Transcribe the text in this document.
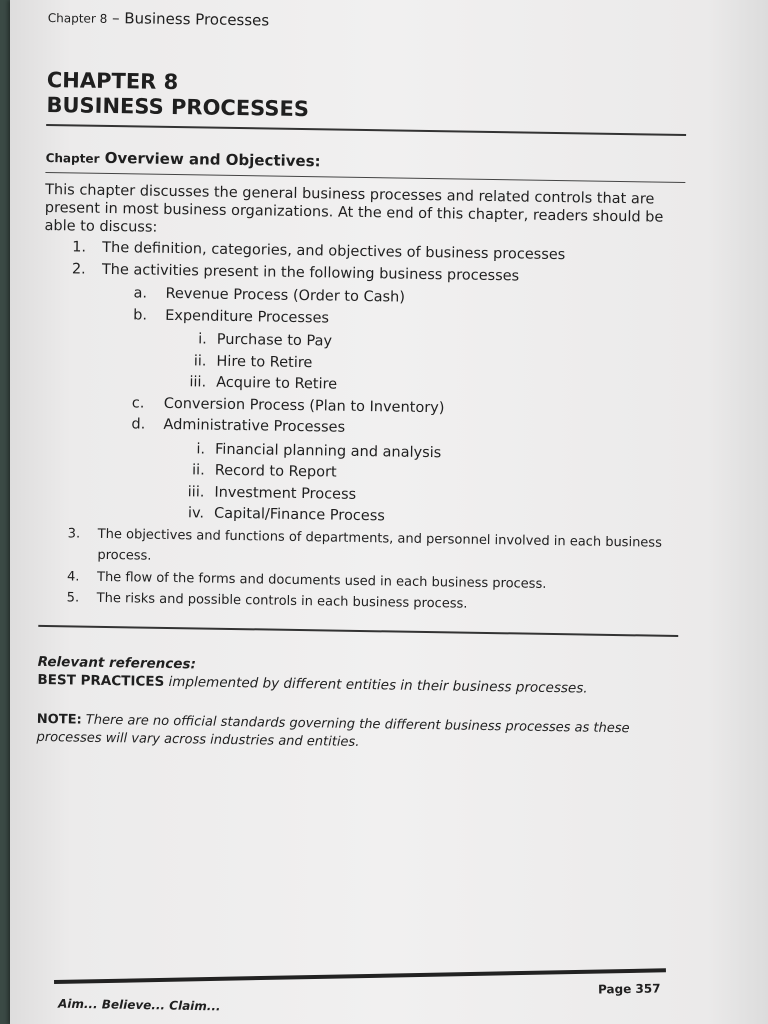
Chapter 8 – Business Processes

CHAPTER 8
BUSINESS PROCESSES

Chapter Overview and Objectives:

This chapter discusses the general business processes and related controls that are present in most business organizations. At the end of this chapter, readers should be able to discuss:

1.	The definition, categories, and objectives of business processes
2.	The activities present in the following business processes
a.	Revenue Process (Order to Cash)
b.	Expenditure Processes
i. Purchase to Pay
ii. Hire to Retire
iii. Acquire to Retire
c.	Conversion Process (Plan to Inventory)
d.	Administrative Processes
i. Financial planning and analysis
ii. Record to Report
iii. Investment Process
iv. Capital/Finance Process
3.	The objectives and functions of departments, and personnel involved in each business process.
4.	The flow of the forms and documents used in each business process.
5.	The risks and possible controls in each business process.
Relevant references:
BEST PRACTICES implemented by different entities in their business processes.
NOTE: There are no official standards governing the different business processes as these processes will vary across industries and entities.
Aim... Believe... Claim...
Page 357
